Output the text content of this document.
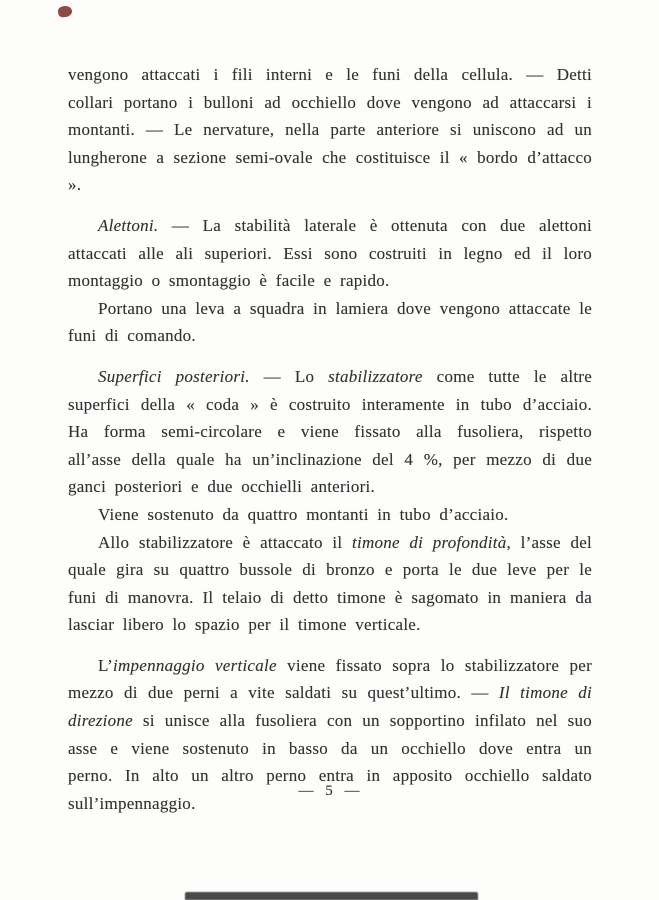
vengono attaccati i fili interni e le funi della cellula. — Detti collari portano i bulloni ad occhiello dove vengono ad attaccarsi i montanti. — Le nervature, nella parte anteriore si uniscono ad un lungherone a sezione semi-ovale che costituisce il « bordo d’attacco ».

Alettoni. — La stabilità laterale è ottenuta con due alettoni attaccati alle ali superiori. Essi sono costruiti in legno ed il loro montaggio o smontaggio è facile e rapido.

Portano una leva a squadra in lamiera dove vengono attaccate le funi di comando.

Superfici posteriori. — Lo stabilizzatore come tutte le altre superfici della « coda » è costruito interamente in tubo d’acciaio. Ha forma semi-circolare e viene fissato alla fusoliera, rispetto all’asse della quale ha un’inclinazione del 4 %, per mezzo di due ganci posteriori e due occhielli anteriori.

Viene sostenuto da quattro montanti in tubo d’acciaio.

Allo stabilizzatore è attaccato il timone di profondità, l’asse del quale gira su quattro bussole di bronzo e porta le due leve per le funi di manovra. Il telaio di detto timone è sagomato in maniera da lasciar libero lo spazio per il timone verticale.

L’impennaggio verticale viene fissato sopra lo stabilizzatore per mezzo di due perni a vite saldati su quest’ultimo. — Il timone di direzione si unisce alla fusoliera con un sopportino infilato nel suo asse e viene sostenuto in basso da un occhiello dove entra un perno. In alto un altro perno entra in apposito occhiello saldato sull’impennaggio.

— 5 —
